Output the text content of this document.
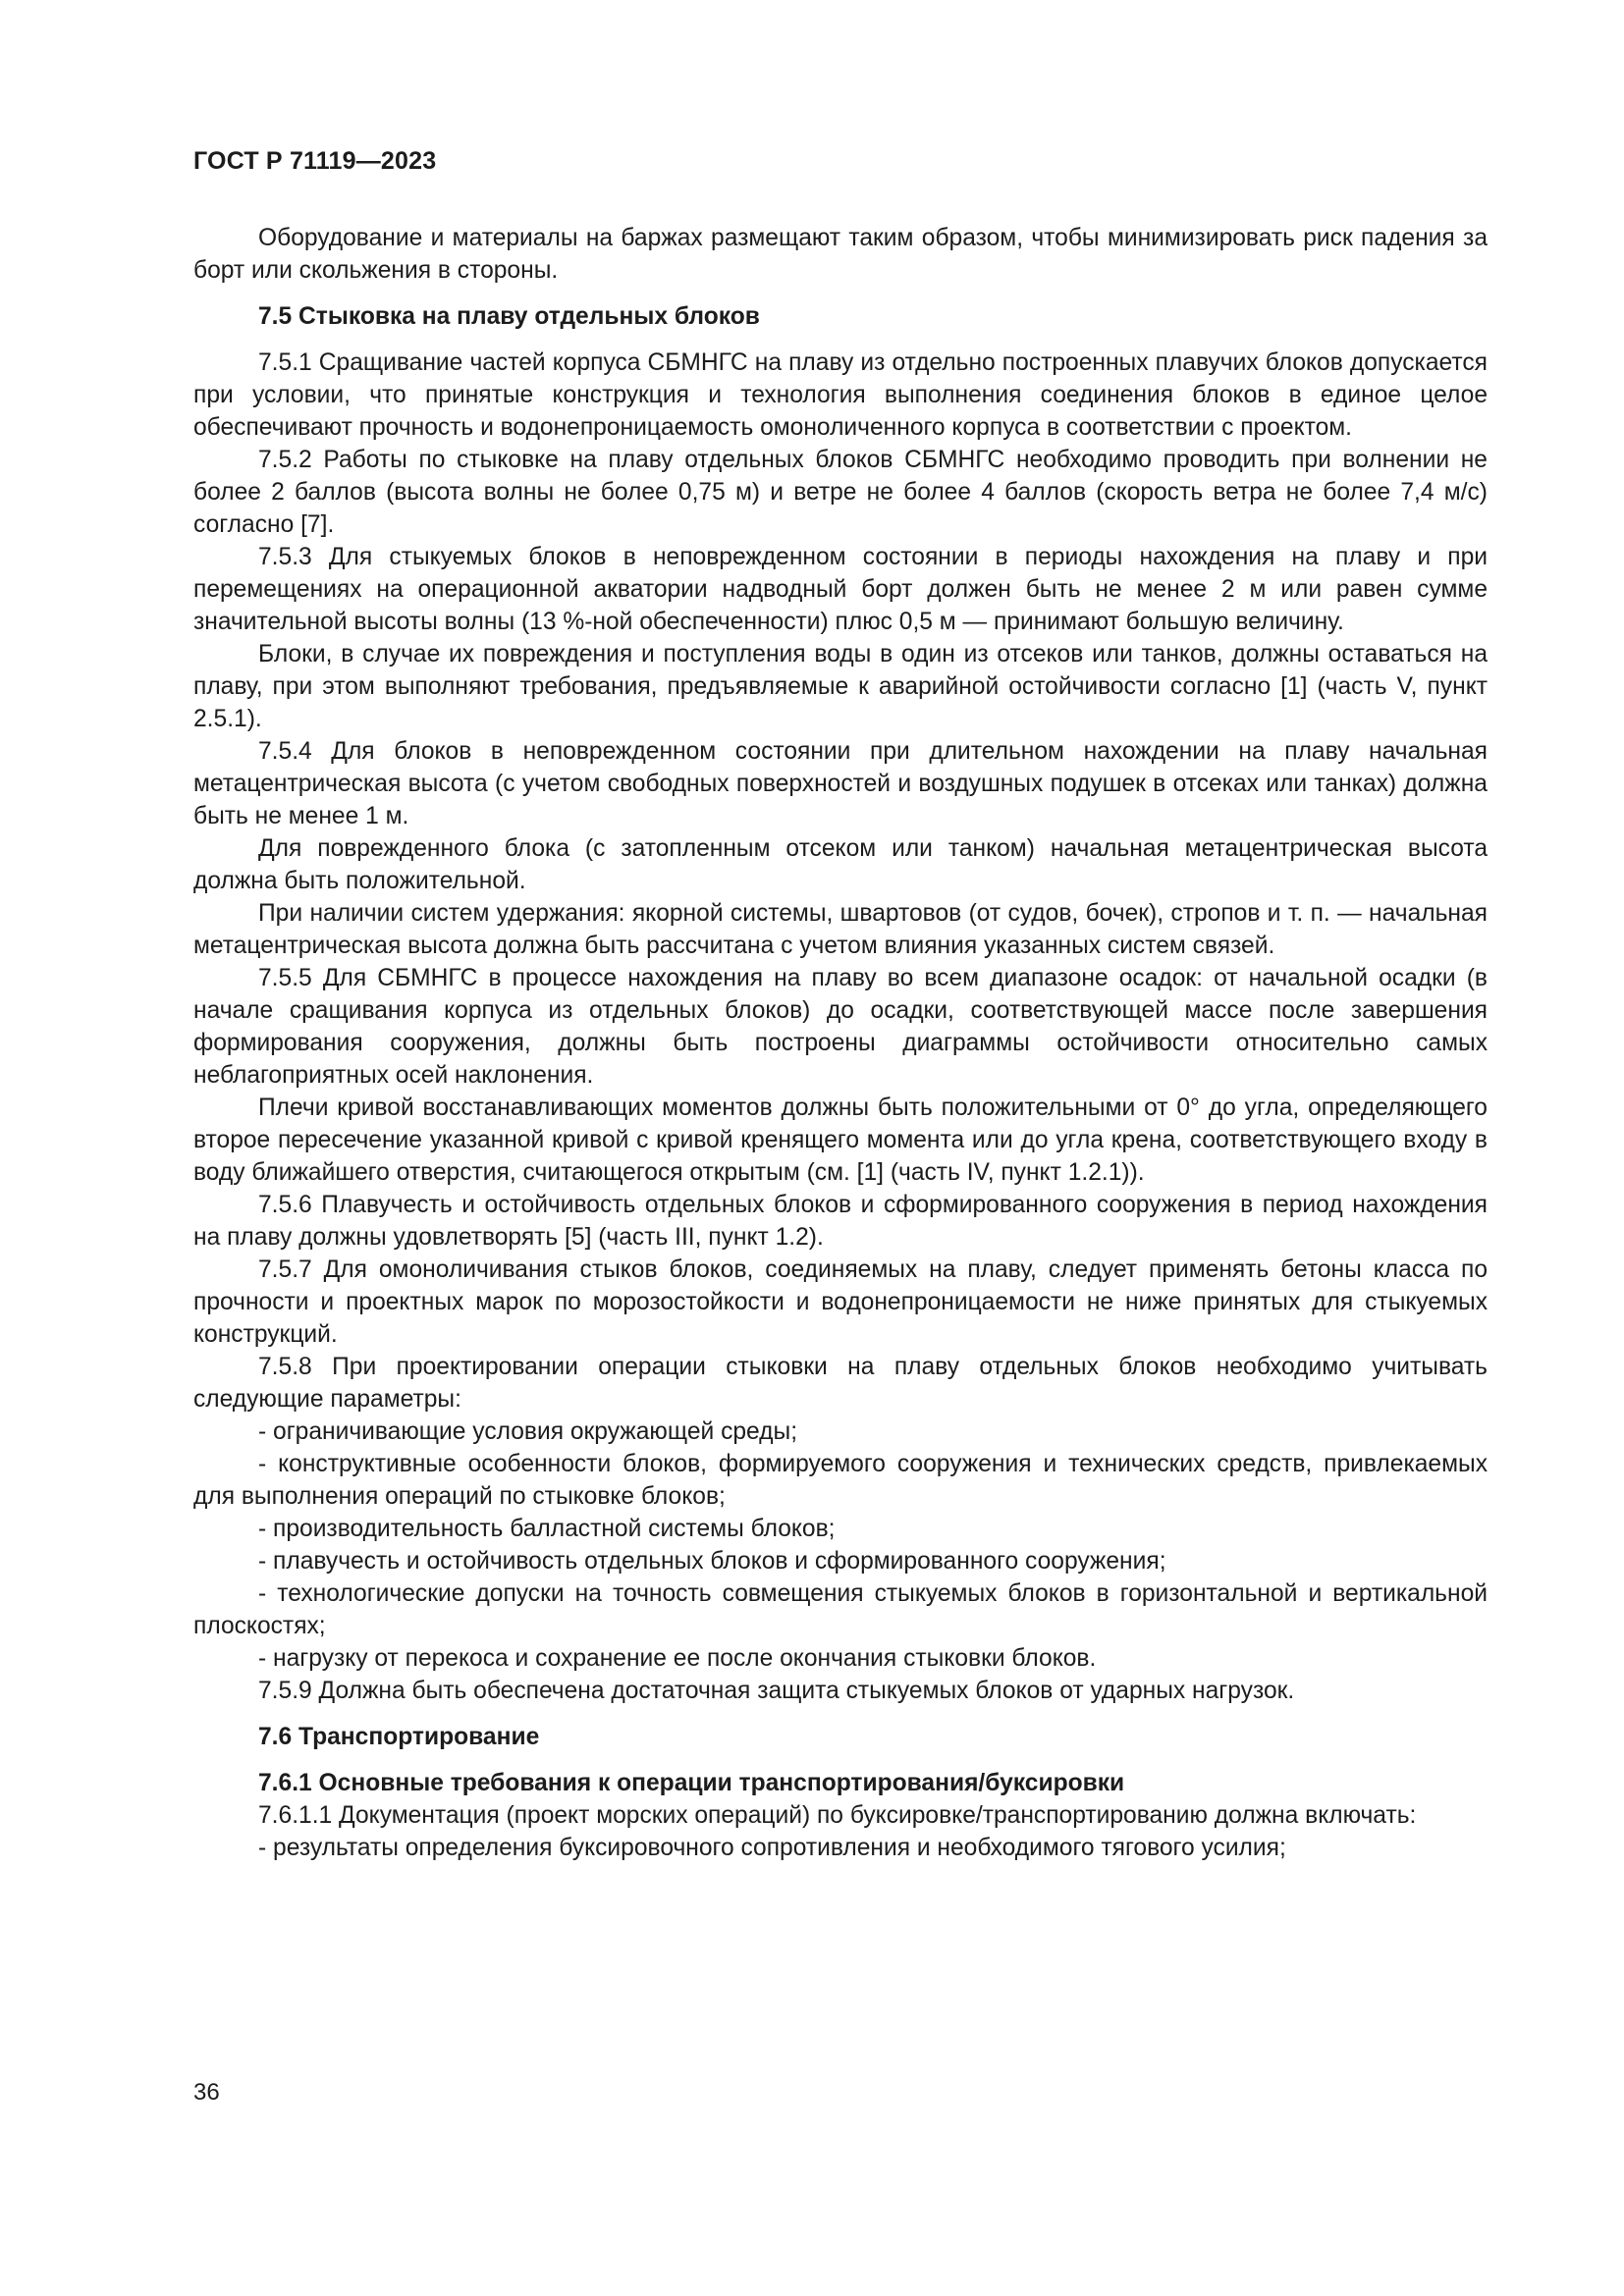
ГОСТ Р 71119—2023

Оборудование и материалы на баржах размещают таким образом, чтобы минимизировать риск падения за борт или скольжения в стороны.

7.5 Стыковка на плаву отдельных блоков

7.5.1 Сращивание частей корпуса СБМНГС на плаву из отдельно построенных плавучих блоков допускается при условии, что принятые конструкция и технология выполнения соединения блоков в единое целое обеспечивают прочность и водонепроницаемость омоноличенного корпуса в соответствии с проектом.

7.5.2 Работы по стыковке на плаву отдельных блоков СБМНГС необходимо проводить при волнении не более 2 баллов (высота волны не более 0,75 м) и ветре не более 4 баллов (скорость ветра не более 7,4 м/с) согласно [7].

7.5.3 Для стыкуемых блоков в неповрежденном состоянии в периоды нахождения на плаву и при перемещениях на операционной акватории надводный борт должен быть не менее 2 м или равен сумме значительной высоты волны (13 %-ной обеспеченности) плюс 0,5 м — принимают большую величину.

Блоки, в случае их повреждения и поступления воды в один из отсеков или танков, должны оставаться на плаву, при этом выполняют требования, предъявляемые к аварийной остойчивости согласно [1] (часть V, пункт 2.5.1).

7.5.4 Для блоков в неповрежденном состоянии при длительном нахождении на плаву начальная метацентрическая высота (с учетом свободных поверхностей и воздушных подушек в отсеках или танках) должна быть не менее 1 м.

Для поврежденного блока (с затопленным отсеком или танком) начальная метацентрическая высота должна быть положительной.

При наличии систем удержания: якорной системы, швартовов (от судов, бочек), стропов и т. п. — начальная метацентрическая высота должна быть рассчитана с учетом влияния указанных систем связей.

7.5.5 Для СБМНГС в процессе нахождения на плаву во всем диапазоне осадок: от начальной осадки (в начале сращивания корпуса из отдельных блоков) до осадки, соответствующей массе после завершения формирования сооружения, должны быть построены диаграммы остойчивости относительно самых неблагоприятных осей наклонения.

Плечи кривой восстанавливающих моментов должны быть положительными от 0° до угла, определяющего второе пересечение указанной кривой с кривой кренящего момента или до угла крена, соответствующего входу в воду ближайшего отверстия, считающегося открытым (см. [1] (часть IV, пункт 1.2.1)).

7.5.6 Плавучесть и остойчивость отдельных блоков и сформированного сооружения в период нахождения на плаву должны удовлетворять [5] (часть III, пункт 1.2).

7.5.7 Для омоноличивания стыков блоков, соединяемых на плаву, следует применять бетоны класса по прочности и проектных марок по морозостойкости и водонепроницаемости не ниже принятых для стыкуемых конструкций.

7.5.8 При проектировании операции стыковки на плаву отдельных блоков необходимо учитывать следующие параметры:

- ограничивающие условия окружающей среды;

- конструктивные особенности блоков, формируемого сооружения и технических средств, привлекаемых для выполнения операций по стыковке блоков;

- производительность балластной системы блоков;

- плавучесть и остойчивость отдельных блоков и сформированного сооружения;

- технологические допуски на точность совмещения стыкуемых блоков в горизонтальной и вертикальной плоскостях;

- нагрузку от перекоса и сохранение ее после окончания стыковки блоков.

7.5.9 Должна быть обеспечена достаточная защита стыкуемых блоков от ударных нагрузок.

7.6 Транспортирование
7.6.1 Основные требования к операции транспортирования/буксировки

7.6.1.1 Документация (проект морских операций) по буксировке/транспортированию должна включать:

- результаты определения буксировочного сопротивления и необходимого тягового усилия;

36
